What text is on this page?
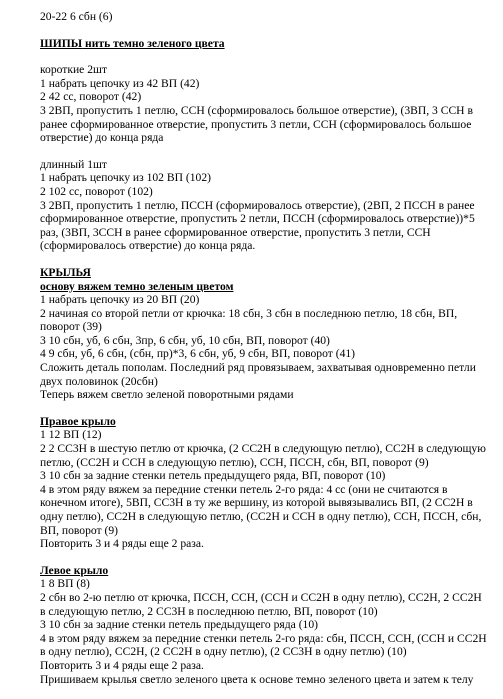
20-22 6 сбн (6)

ШИПЫ нить темно зеленого цвета

короткие 2шт

1 набрать цепочку из 42 ВП (42)

2 42 сс, поворот (42)

3 2ВП, пропустить 1 петлю, ССН (сформировалось большое отверстие), (3ВП, 3 ССН в ранее сформированное отверстие, пропустить 3 петли, ССН (сформировалось большое отверстие) до конца ряда

длинный 1шт

1 набрать цепочку из 102 ВП (102)

2 102 сс, поворот (102)

3 2ВП, пропустить 1 петлю, ПССН (сформировалось отверстие), (2ВП, 2 ПССН в ранее сформированное отверстие, пропустить 2 петли, ПССН (сформировалось отверстие))*5 раз, (3ВП, 3ССН в ранее сформированное отверстие, пропустить 3 петли, ССН (сформировалось отверстие) до конца ряда.

КРЫЛЬЯ

основу вяжем темно зеленым цветом

1 набрать цепочку из 20 ВП (20)

2 начиная со второй петли от крючка: 18 сбн, 3 сбн в последнюю петлю, 18 сбн, ВП, поворот (39)

3 10 сбн, уб, 6 сбн, 3пр, 6 сбн, уб, 10 сбн, ВП, поворот (40)

4 9 сбн, уб, 6 сбн, (сбн, пр)*3, 6 сбн, уб, 9 сбн, ВП, поворот (41)

Сложить деталь пополам. Последний ряд провязываем, захватывая одновременно петли двух половинок (20сбн)

Теперь вяжем светло зеленой поворотными рядами

Правое крыло

1 12 ВП (12)

2 2 СС3Н в шестую петлю от крючка, (2 СС2Н в следующую петлю), СС2Н в следующую петлю, (СС2Н и ССН в следующую петлю), ССН, ПССН, сбн, ВП, поворот (9)

3 10 сбн за задние стенки петель предыдущего ряда, ВП, поворот (10)

4 в этом ряду вяжем за передние стенки петель 2-го ряда: 4 сс (они не считаются в конечном итоге), 5ВП, СС3Н в ту же вершину, из которой вывязывались ВП, (2 СС2Н в одну петлю), СС2Н в следующую петлю, (СС2Н и ССН в одну петлю), ССН, ПССН, сбн, ВП, поворот (9)

Повторить 3 и 4 ряды еще 2 раза.

Левое крыло

1 8 ВП (8)

2 сбн во 2-ю петлю от крючка, ПССН, ССН, (ССН и СС2Н в одну петлю), СС2Н, 2 СС2Н в следующую петлю, 2 СС3Н в последнюю петлю, ВП, поворот (10)

3 10 сбн за задние стенки петель предыдущего ряда (10)

4 в этом ряду вяжем за передние стенки петель 2-го ряда: сбн, ПССН, ССН, (ССН и СС2Н в одну петлю), СС2Н, (2 СС2Н в одну петлю), (2 СС3Н в одну петлю) (10)

Повторить 3 и 4 ряды еще 2 раза.

Пришиваем крылья светло зеленого цвета к основе темно зеленого цвета и затем к телу
